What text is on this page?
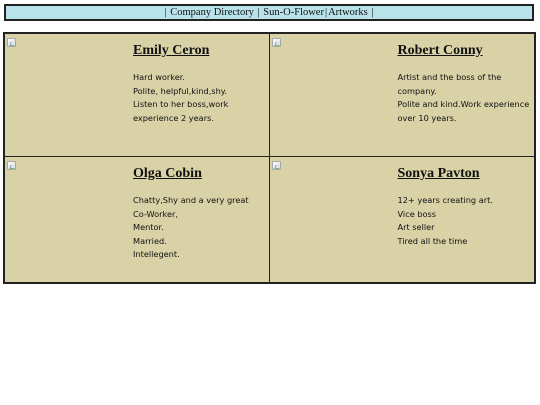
| Company Directory | Sun-O-Flower|Artworks |
Emily Ceron
Hard worker.
Polite, helpful,kind,shy.
Listen to her boss,work experience 2 years.
Robert Conny
Artist and the boss of the company.
Polite and kind.Work experience over 10 years.
Olga Cobin
Chatty,Shy and a very great Co-Worker,
Mentor.
Married.
Intellegent.
Sonya Pavton
12+ years creating art.
Vice boss
Art seller
Tired all the time
